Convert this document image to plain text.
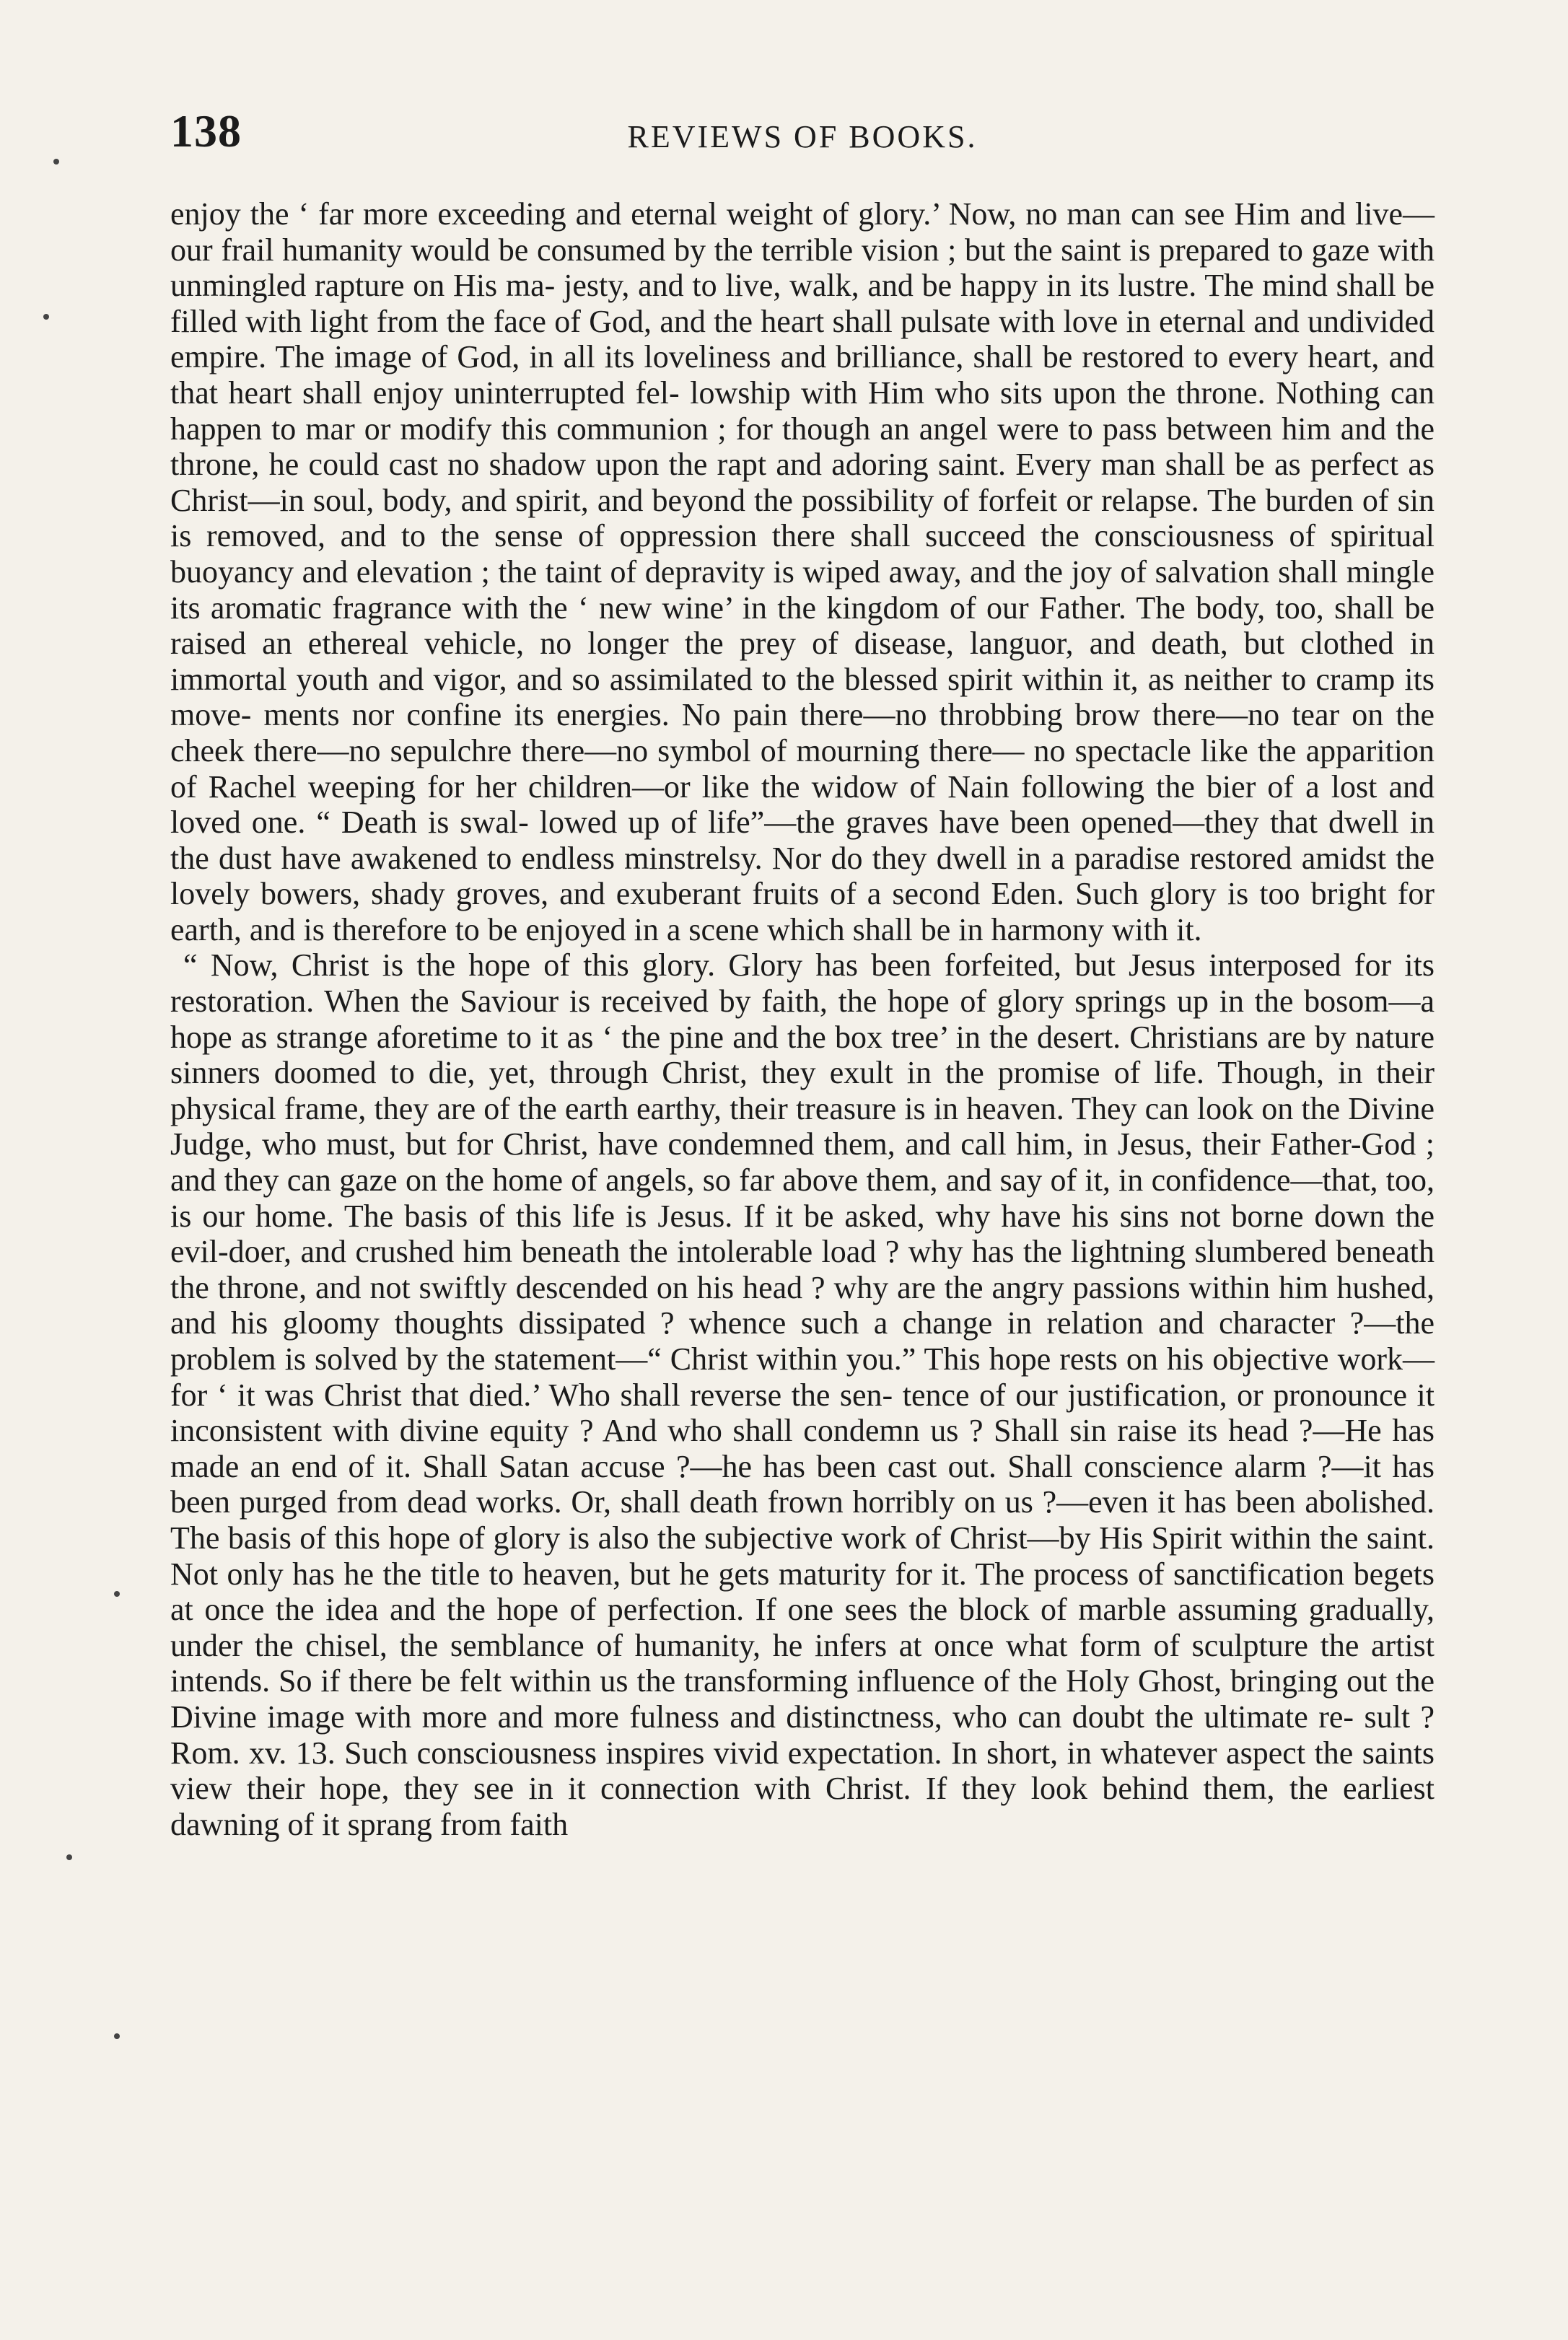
138	REVIEWS OF BOOKS.
enjoy the ‘ far more exceeding and eternal weight of glory.’ Now, no man can see Him and live—our frail humanity would be consumed by the terrible vision ; but the saint is prepared to gaze with unmingled rapture on His ma- jesty, and to live, walk, and be happy in its lustre. The mind shall be filled with light from the face of God, and the heart shall pulsate with love in eternal and undivided empire. The image of God, in all its loveliness and brilliance, shall be restored to every heart, and that heart shall enjoy uninterrupted fel- lowship with Him who sits upon the throne. Nothing can happen to mar or modify this communion ; for though an angel were to pass between him and the throne, he could cast no shadow upon the rapt and adoring saint. Every man shall be as perfect as Christ—in soul, body, and spirit, and beyond the possibility of forfeit or relapse. The burden of sin is removed, and to the sense of oppression there shall succeed the consciousness of spiritual buoyancy and elevation ; the taint of depravity is wiped away, and the joy of salvation shall mingle its aromatic fragrance with the ‘ new wine’ in the kingdom of our Father. The body, too, shall be raised an ethereal vehicle, no longer the prey of disease, languor, and death, but clothed in immortal youth and vigor, and so assimilated to the blessed spirit within it, as neither to cramp its move- ments nor confine its energies. No pain there—no throbbing brow there—no tear on the cheek there—no sepulchre there—no symbol of mourning there— no spectacle like the apparition of Rachel weeping for her children—or like the widow of Nain following the bier of a lost and loved one. “ Death is swal- lowed up of life”—the graves have been opened—they that dwell in the dust have awakened to endless minstrelsy. Nor do they dwell in a paradise restored amidst the lovely bowers, shady groves, and exuberant fruits of a second Eden. Such glory is too bright for earth, and is therefore to be enjoyed in a scene which shall be in harmony with it.
“ Now, Christ is the hope of this glory. Glory has been forfeited, but Jesus interposed for its restoration. When the Saviour is received by faith, the hope of glory springs up in the bosom—a hope as strange aforetime to it as ‘ the pine and the box tree’ in the desert. Christians are by nature sinners doomed to die, yet, through Christ, they exult in the promise of life. Though, in their physical frame, they are of the earth earthy, their treasure is in heaven. They can look on the Divine Judge, who must, but for Christ, have condemned them, and call him, in Jesus, their Father-God ; and they can gaze on the home of angels, so far above them, and say of it, in confidence—that, too, is our home. The basis of this life is Jesus. If it be asked, why have his sins not borne down the evil-doer, and crushed him beneath the intolerable load ? why has the lightning slumbered beneath the throne, and not swiftly descended on his head ? why are the angry passions within him hushed, and his gloomy thoughts dissipated ? whence such a change in relation and character ?—the problem is solved by the statement—“ Christ within you.” This hope rests on his objective work—for ‘ it was Christ that died.’ Who shall reverse the sen- tence of our justification, or pronounce it inconsistent with divine equity ? And who shall condemn us ? Shall sin raise its head ?—He has made an end of it. Shall Satan accuse ?—he has been cast out. Shall conscience alarm ?—it has been purged from dead works. Or, shall death frown horribly on us ?—even it has been abolished. The basis of this hope of glory is also the subjective work of Christ—by His Spirit within the saint. Not only has he the title to heaven, but he gets maturity for it. The process of sanctification begets at once the idea and the hope of perfection. If one sees the block of marble assuming gradually, under the chisel, the semblance of humanity, he infers at once what form of sculpture the artist intends. So if there be felt within us the transforming influence of the Holy Ghost, bringing out the Divine image with more and more fulness and distinctness, who can doubt the ultimate re- sult ? Rom. xv. 13. Such consciousness inspires vivid expectation. In short, in whatever aspect the saints view their hope, they see in it connection with Christ. If they look behind them, the earliest dawning of it sprang from faith
